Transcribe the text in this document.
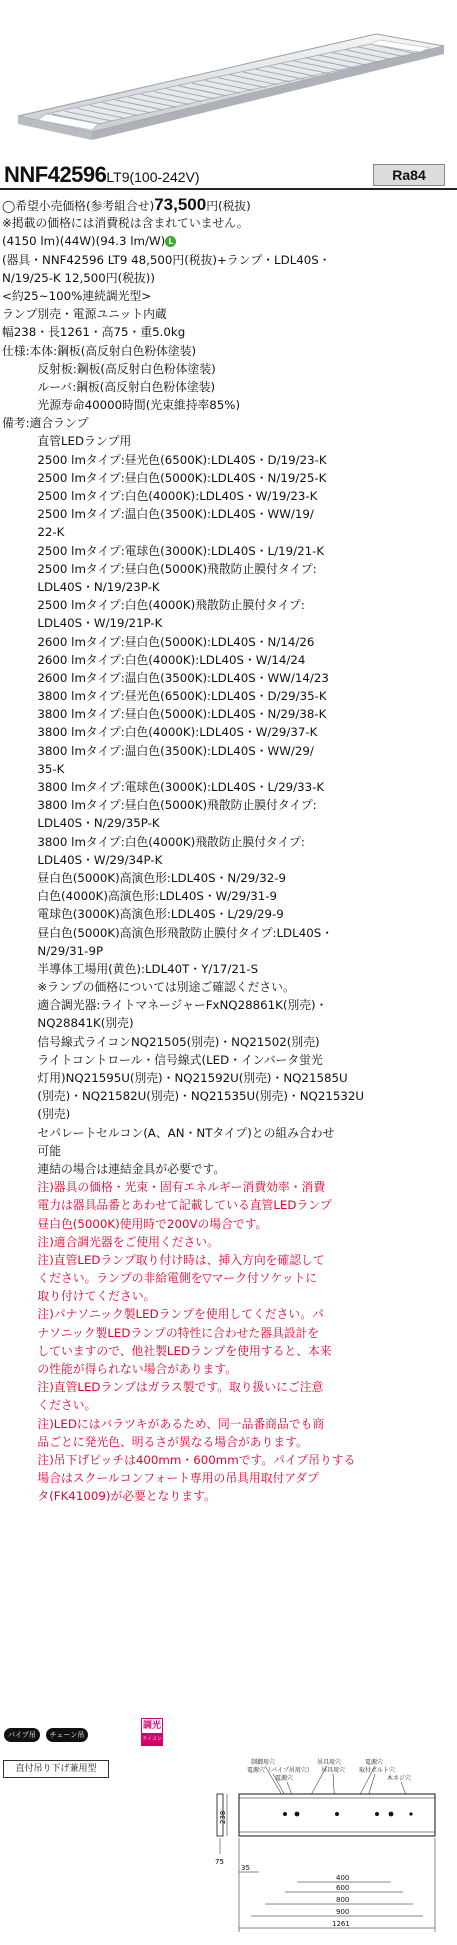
NNF42596LT9(100-242V)	Ra84
◯希望小売価格(参考組合せ)73,500円(税抜)
※掲載の価格には消費税は含まれていません。
(4150 lm)(44W)(94.3 lm/W) L
(器具・NNF42596 LT9 48,500円(税抜)+ランプ・LDL40S・
N/19/25-K 12,500円(税抜))
<約25~100%連続調光型>
ランプ別売・電源ユニット内蔵
幅238・長1261・高75・重5.0kg
仕様:本体:鋼板(高反射白色粉体塗装)
　　　反射板:鋼板(高反射白色粉体塗装)
　　　ルーバ:鋼板(高反射白色粉体塗装)
　　　光源寿命40000時間(光束維持率85%)
備考:適合ランプ
　　　直管LEDランプ用
　　　2500 lmタイプ:昼光色(6500K):LDL40S・D/19/23-K
　　　2500 lmタイプ:昼白色(5000K):LDL40S・N/19/25-K
　　　2500 lmタイプ:白色(4000K):LDL40S・W/19/23-K
　　　2500 lmタイプ:温白色(3500K):LDL40S・WW/19/
　　　22-K
　　　2500 lmタイプ:電球色(3000K):LDL40S・L/19/21-K
　　　2500 lmタイプ:昼白色(5000K)飛散防止膜付タイプ:
　　　LDL40S・N/19/23P-K
　　　2500 lmタイプ:白色(4000K)飛散防止膜付タイプ:
　　　LDL40S・W/19/21P-K
　　　2600 lmタイプ:昼白色(5000K):LDL40S・N/14/26
　　　2600 lmタイプ:白色(4000K):LDL40S・W/14/24
　　　2600 lmタイプ:温白色(3500K):LDL40S・WW/14/23
　　　3800 lmタイプ:昼光色(6500K):LDL40S・D/29/35-K
　　　3800 lmタイプ:昼白色(5000K):LDL40S・N/29/38-K
　　　3800 lmタイプ:白色(4000K):LDL40S・W/29/37-K
　　　3800 lmタイプ:温白色(3500K):LDL40S・WW/29/
　　　35-K
　　　3800 lmタイプ:電球色(3000K):LDL40S・L/29/33-K
　　　3800 lmタイプ:昼白色(5000K)飛散防止膜付タイプ:
　　　LDL40S・N/29/35P-K
　　　3800 lmタイプ:白色(4000K)飛散防止膜付タイプ:
　　　LDL40S・W/29/34P-K
　　　昼白色(5000K)高演色形:LDL40S・N/29/32-9
　　　白色(4000K)高演色形:LDL40S・W/29/31-9
　　　電球色(3000K)高演色形:LDL40S・L/29/29-9
　　　昼白色(5000K)高演色形飛散防止膜付タイプ:LDL40S・
　　　N/29/31-9P
　　　半導体工場用(黄色):LDL40T・Y/17/21-S
　　　※ランプの価格については別途ご確認ください。
　　　適合調光器:ライトマネージャーFxNQ28861K(別売)・
　　　NQ28841K(別売)
　　　信号線式ライコンNQ21505(別売)・NQ21502(別売)
　　　ライトコントロール・信号線式(LED・インバータ蛍光
　　　灯用)NQ21595U(別売)・NQ21592U(別売)・NQ21585U
　　　(別売)・NQ21582U(別売)・NQ21535U(別売)・NQ21532U
　　　(別売)
　　　セパレートセルコン(A、AN・NTタイプ)との組み合わせ
　　　可能
　　　連結の場合は連結金具が必要です。
　　　注)器具の価格・光束・固有エネルギー消費効率・消費
　　　電力は器具品番とあわせて記載している直管LEDランプ
　　　昼白色(5000K)使用時で200Vの場合です。
　　　注)適合調光器をご使用ください。
　　　注)直管LEDランプ取り付け時は、挿入方向を確認して
　　　ください。ランプの非給電側を▽マーク付ソケットに
　　　取り付けてください。
　　　注)パナソニック製LEDランプを使用してください。パ
　　　ナソニック製LEDランプの特性に合わせた器具設計を
　　　していますので、他社製LEDランプを使用すると、本来
　　　の性能が得られない場合があります。
　　　注)直管LEDランプはガラス製です。取り扱いにご注意
　　　ください。
　　　注)LEDにはバラツキがあるため、同一品番商品でも商
　　　品ごとに発光色、明るさが異なる場合があります。
　　　注)吊下げピッチは400mm・600mmです。パイプ吊りする
　　　場合はスクールコンフォート専用の吊具用取付アダプ
　　　タ(FK41009)が必要となります。
パイプ吊	チェーン吊
調光
ライコン対応
直付吊り下げ兼用型
制御用穴
電源穴（パイプ吊用穴）
電源穴
吊具用穴
吊具用穴
電源穴
取付ボルト穴
木ネジ穴
238
75
35
400
600
800
900
1261
